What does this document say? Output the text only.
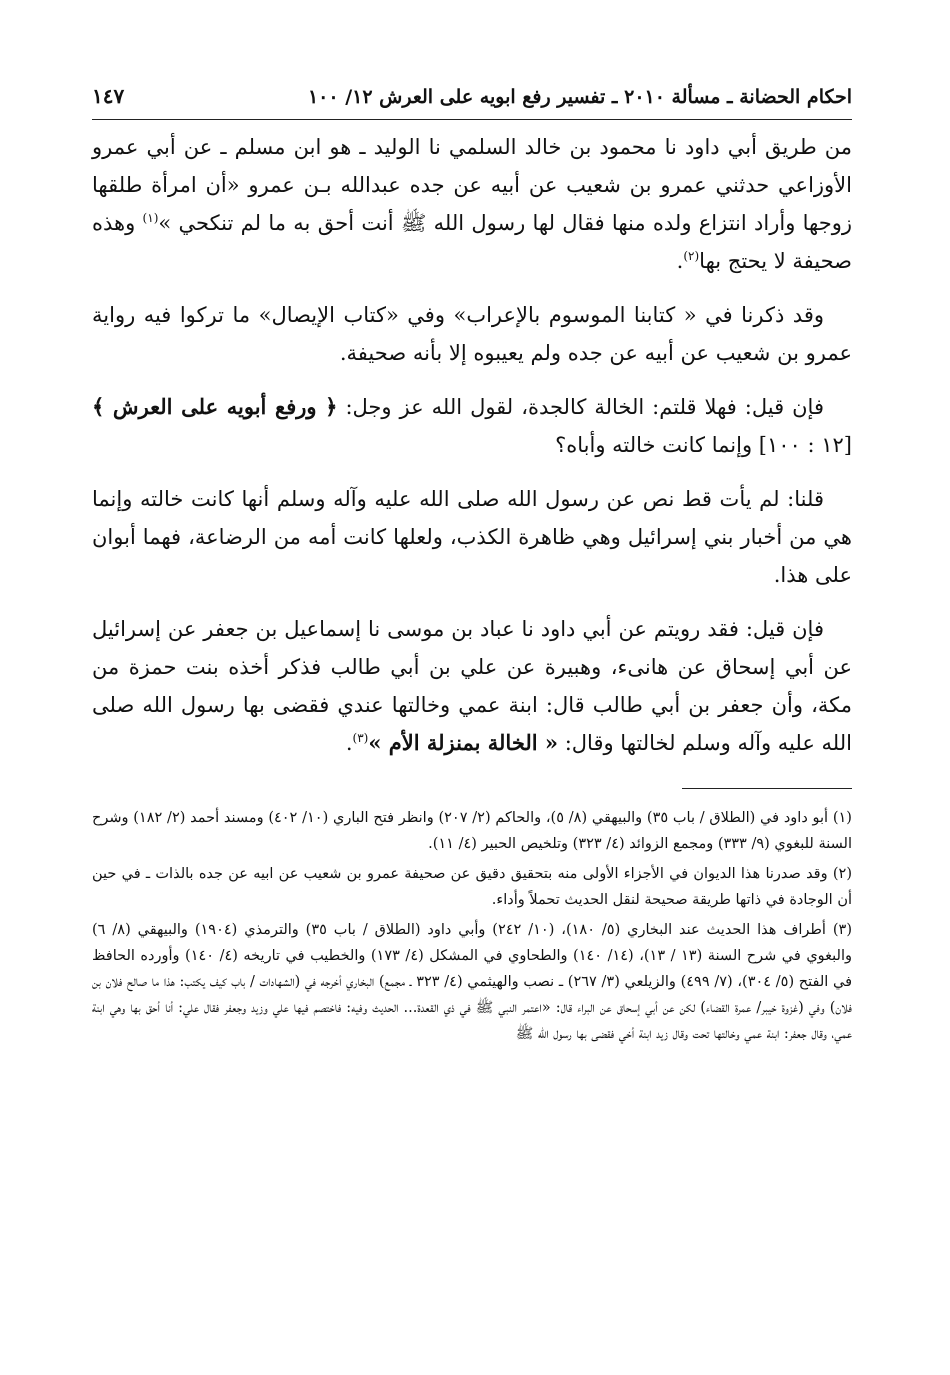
احكام الحضانة ـ مسألة ٢٠١٠ ـ تفسير رفع ابويه على العرش ١٢/ ١٠٠
١٤٧

من طريق أبي داود نا محمود بن خالد السلمي نا الوليد ـ هو ابن مسلم ـ عن أبي عمرو الأوزاعي حدثني عمرو بن شعيب عن أبيه عن جده عبدالله بـن عمرو «أن امرأة طلقها زوجها وأراد انتزاع ولده منها فقال لها رسول الله ﷺ أنت أحق به ما لم تنكحي »$^{(١)}$ وهذه صحيفة لا يحتج بها$^{(٢)}$.

وقد ذكرنا في « كتابنا الموسوم بالإعراب» وفي «كتاب الإيصال» ما تركوا فيه رواية عمرو بن شعيب عن أبيه عن جده ولم يعيبوه إلا بأنه صحيفة.

فإن قيل: فهلا قلتم: الخالة كالجدة، لقول الله عز وجل: ﴿ ورفع أبويه على العرش ﴾ [١٢ : ١٠٠] وإنما كانت خالته وأباه؟

قلنا: لم يأت قط نص عن رسول الله صلى الله عليه وآله وسلم أنها كانت خالته وإنما هي من أخبار بني إسرائيل وهي ظاهرة الكذب، ولعلها كانت أمه من الرضاعة، فهما أبوان على هذا.

فإن قيل: فقد رويتم عن أبي داود نا عباد بن موسى نا إسماعيل بن جعفر عن إسرائيل عن أبي إسحاق عن هانىء، وهبيرة عن علي بن أبي طالب فذكر أخذه بنت حمزة من مكة، وأن جعفر بن أبي طالب قال: ابنة عمي وخالتها عندي فقضى بها رسول الله صلى الله عليه وآله وسلم لخالتها وقال: « الخالة بمنزلة الأم »$^{(٣)}$.

(١) أبو داود في (الطلاق / باب ٣٥) والبيهقي (٨/ ٥)، والحاكم (٢/ ٢٠٧) وانظر فتح الباري (١٠/ ٤٠٢) ومسند أحمد (٢/ ١٨٢) وشرح السنة للبغوي (٩/ ٣٣٣) ومجمع الزوائد (٤/ ٣٢٣) وتلخيص الحبير (٤/ ١١).

(٢) وقد صدرنا هذا الديوان في الأجزاء الأولى منه بتحقيق دقيق عن صحيفة عمرو بن شعيب عن ابيه عن جده بالذات ـ في حين أن الوجادة في ذاتها طريقة صحيحة لنقل الحديث تحملاً وأداء.

(٣) أطراف هذا الحديث عند البخاري (٥/ ١٨٠)، (١٠/ ٢٤٢) وأبي داود (الطلاق / باب ٣٥) والترمذي (١٩٠٤) والبيهقي (٨/ ٦) والبغوي في شرح السنة (١٣ / ١٣)، (١٤/ ١٤٠) والطحاوي في المشكل (٤/ ١٧٣) والخطيب في تاريخه (٤/ ١٤٠) وأورده الحافظ في الفتح (٥/ ٣٠٤)، (٧/ ٤٩٩) والزيلعي (٣/ ٢٦٧) ـ نصب والهيثمي (٤/ ٣٢٣ ـ مجمع) البخاري أخرجه في (الشهادات / باب كيف يكتب: هذا ما صالح فلان بن فلان) وفي (غزوة خيبر/ عمرة القضاء) لكن عن أبي إسحاق عن البراء قال: «اعتمر النبي ﷺ في ذي القعدة... الحديث وفيه: فاختصم فيها علي وزيد وجعفر فقال علي: أنا أحق بها وهي ابنة عمي، وقال جعفر: ابنة عمي وخالتها تحت وقال زيد ابنة أخي فقضى بها رسول الله ﷺ
